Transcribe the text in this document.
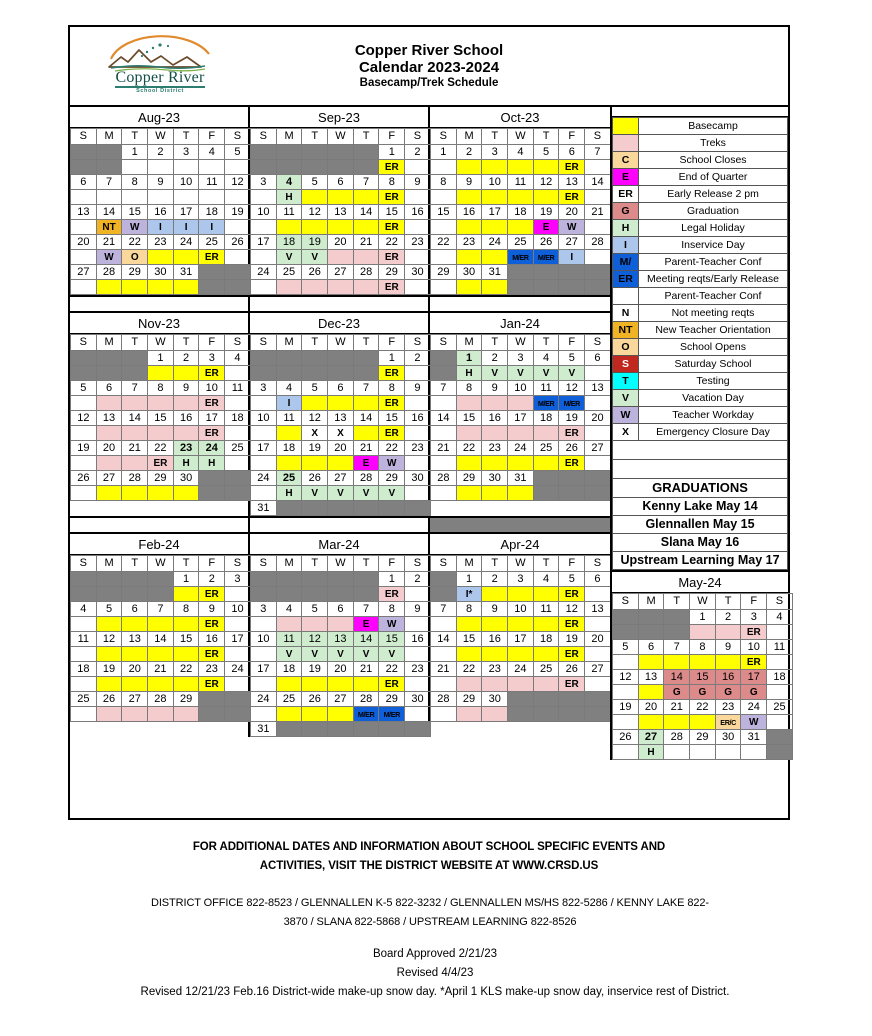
Copper River
School District
Copper River School
Calendar 2023-2024
Basecamp/Trek Schedule
Aug-23
S	M	T	W	T	F	S
		1	2	3	4	5

6	7	8	9	10	11	12

13	14	15	16	17	18	19
	NT	W	I	I	I	
20	21	22	23	24	25	26
	W	O			ER	
27	28	29	30	31		

Sep-23
S	M	T	W	T	F	S
					1	2
					ER	
3	4	5	6	7	8	9
	H				ER	
10	11	12	13	14	15	16
					ER	
17	18	19	20	21	22	23
	V	V			ER	
24	25	26	27	28	29	30
					ER	
Oct-23
S	M	T	W	T	F	S
1	2	3	4	5	6	7
					ER	
8	9	10	11	12	13	14
					ER	
15	16	17	18	19	20	21
				E	W	
22	23	24	25	26	27	28
			M/ER	M/ER	I	
29	30	31				

Nov-23
S	M	T	W	T	F	S
			1	2	3	4
					ER	
5	6	7	8	9	10	11
					ER	
12	13	14	15	16	17	18
					ER	
19	20	21	22	23	24	25
			ER	H	H	
26	27	28	29	30		

Dec-23
S	M	T	W	T	F	S
					1	2
					ER	
3	4	5	6	7	8	9
	I				ER	
10	11	12	13	14	15	16
		X	X		ER	
17	18	19	20	21	22	23
				E	W	
24	25	26	27	28	29	30
	H	V	V	V	V	
31						
Jan-24
S	M	T	W	T	F	S
	1	2	3	4	5	6
	H	V	V	V	V	
7	8	9	10	11	12	13
				M/ER	M/ER	
14	15	16	17	18	19	20
					ER	
21	22	23	24	25	26	27
					ER	
28	29	30	31			

Feb-24
S	M	T	W	T	F	S
				1	2	3
					ER	
4	5	6	7	8	9	10
					ER	
11	12	13	14	15	16	17
					ER	
18	19	20	21	22	23	24
					ER	
25	26	27	28	29		

Mar-24
S	M	T	W	T	F	S
					1	2
					ER	
3	4	5	6	7	8	9
				E	W	
10	11	12	13	14	15	16
	V	V	V	V	V	
17	18	19	20	21	22	23
					ER	
24	25	26	27	28	29	30
				M/ER	M/ER	
31						
Apr-24
S	M	T	W	T	F	S
	1	2	3	4	5	6
	I*				ER	
7	8	9	10	11	12	13
					ER	
14	15	16	17	18	19	20
					ER	
21	22	23	24	25	26	27
					ER	
28	29	30				

	Basecamp
	Treks
C	School Closes
E	End of Quarter
ER	Early Release 2 pm
G	Graduation
H	Legal Holiday
I	Inservice Day
M/	Parent-Teacher Conf
ER	Meeting reqts/Early Release
	Parent-Teacher Conf
N	Not meeting reqts
NT	New Teacher Orientation
O	School Opens
S	Saturday School
T	Testing
V	Vacation Day
W	Teacher Workday
X	Emergency Closure Day

GRADUATIONS	
Kenny Lake May 14	
Glennallen May 15	
Slana May 16	
Upstream Learning May 17	
May-24
S	M	T	W	T	F	S
			1	2	3	4
					ER	
5	6	7	8	9	10	11
					ER	
12	13	14	15	16	17	18
		G	G	G	G	
19	20	21	22	23	24	25
				ER/C	W	
26	27	28	29	30	31	
	H					
FOR ADDITIONAL DATES AND INFORMATION ABOUT SCHOOL SPECIFIC EVENTS AND
ACTIVITIES, VISIT THE DISTRICT WEBSITE AT WWW.CRSD.US
DISTRICT OFFICE 822-8523 / GLENNALLEN K-5 822-3232 / GLENNALLEN MS/HS 822-5286 / KENNY LAKE 822-
3870 / SLANA 822-5868 / UPSTREAM LEARNING 822-8526
Board Approved 2/21/23
Revised 4/4/23
Revised 12/21/23 Feb.16 District-wide make-up snow day. *April 1 KLS make-up snow day, inservice rest of District.
